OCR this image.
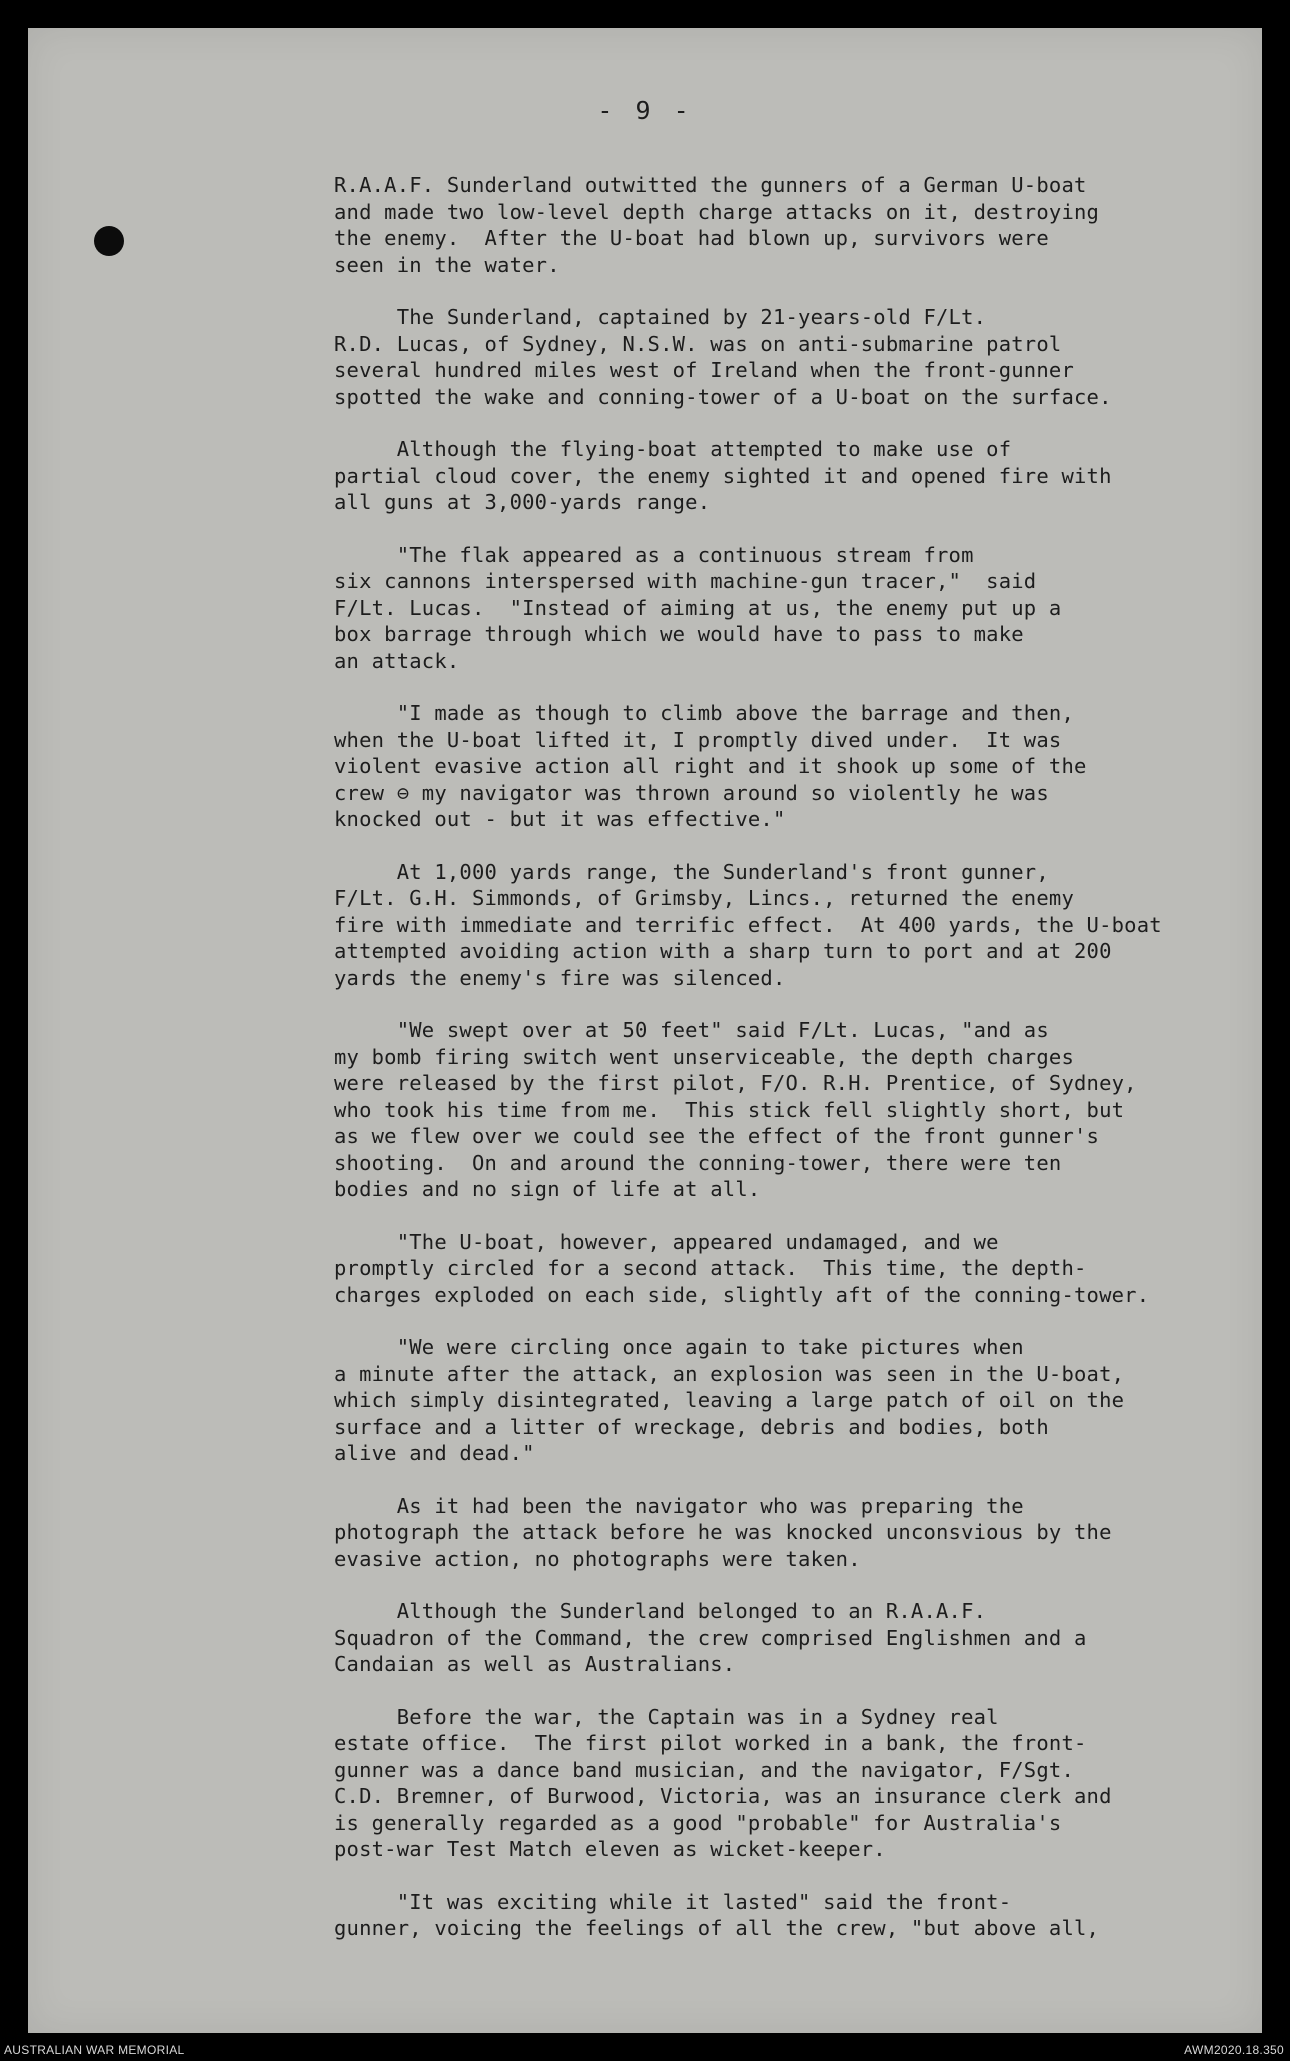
- 9 -
R.A.A.F. Sunderland outwitted the gunners of a German U-boat
and made two low-level depth charge attacks on it, destroying
the enemy.  After the U-boat had blown up, survivors were
seen in the water.
The Sunderland, captained by 21-years-old F/Lt.
R.D. Lucas, of Sydney, N.S.W. was on anti-submarine patrol
several hundred miles west of Ireland when the front-gunner
spotted the wake and conning-tower of a U-boat on the surface.
Although the flying-boat attempted to make use of
partial cloud cover, the enemy sighted it and opened fire with
all guns at 3,000-yards range.
"The flak appeared as a continuous stream from
six cannons interspersed with machine-gun tracer,"  said
F/Lt. Lucas.  "Instead of aiming at us, the enemy put up a
box barrage through which we would have to pass to make
an attack.
"I made as though to climb above the barrage and then,
when the U-boat lifted it, I promptly dived under.  It was
violent evasive action all right and it shook up some of the
crew ⊖ my navigator was thrown around so violently he was
knocked out - but it was effective."
At 1,000 yards range, the Sunderland's front gunner,
F/Lt. G.H. Simmonds, of Grimsby, Lincs., returned the enemy
fire with immediate and terrific effect.  At 400 yards, the U-boat
attempted avoiding action with a sharp turn to port and at 200
yards the enemy's fire was silenced.
"We swept over at 50 feet" said F/Lt. Lucas, "and as
my bomb firing switch went unserviceable, the depth charges
were released by the first pilot, F/O. R.H. Prentice, of Sydney,
who took his time from me.  This stick fell slightly short, but
as we flew over we could see the effect of the front gunner's
shooting.  On and around the conning-tower, there were ten
bodies and no sign of life at all.
"The U-boat, however, appeared undamaged, and we
promptly circled for a second attack.  This time, the depth-
charges exploded on each side, slightly aft of the conning-tower.
"We were circling once again to take pictures when
a minute after the attack, an explosion was seen in the U-boat,
which simply disintegrated, leaving a large patch of oil on the
surface and a litter of wreckage, debris and bodies, both
alive and dead."
As it had been the navigator who was preparing the
photograph the attack before he was knocked unconsvious by the
evasive action, no photographs were taken.
Although the Sunderland belonged to an R.A.A.F.
Squadron of the Command, the crew comprised Englishmen and a
Candaian as well as Australians.
Before the war, the Captain was in a Sydney real
estate office.  The first pilot worked in a bank, the front-
gunner was a dance band musician, and the navigator, F/Sgt.
C.D. Bremner, of Burwood, Victoria, was an insurance clerk and
is generally regarded as a good "probable" for Australia's
post-war Test Match eleven as wicket-keeper.
"It was exciting while it lasted" said the front-
gunner, voicing the feelings of all the crew, "but above all,
AUSTRALIAN WAR MEMORIAL	AWM2020.18.350
